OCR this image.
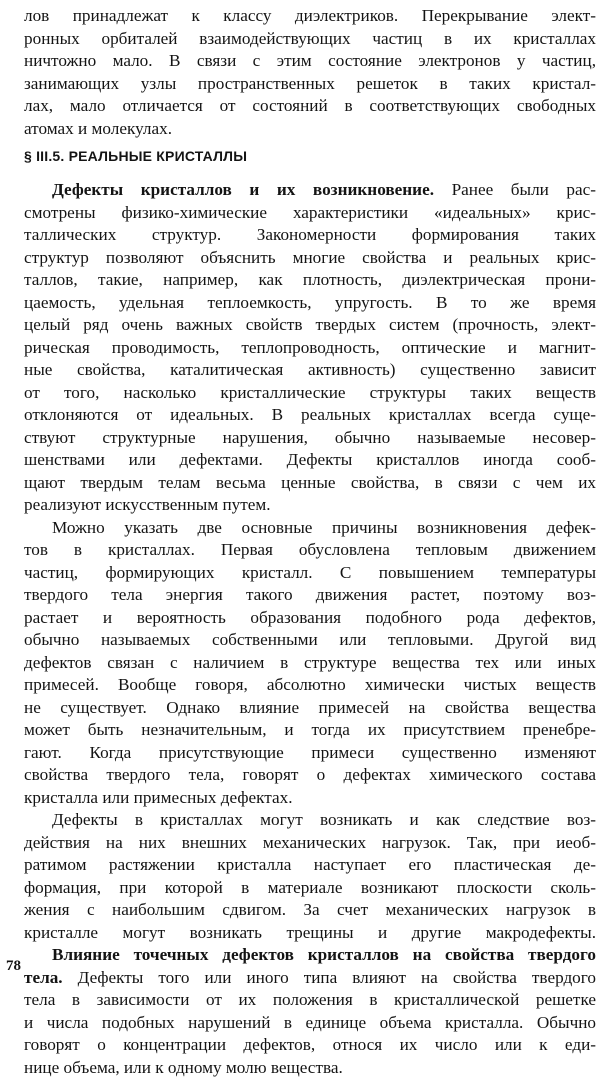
лов принадлежат к классу диэлектриков. Перекрывание элект-
ронных орбиталей взаимодействующих частиц в их кристаллах
ничтожно мало. В связи с этим состояние электронов у частиц,
занимающих узлы пространственных решеток в таких кристал-
лах, мало отличается от состояний в соответствующих свободных
атомах и молекулах.
§ III.5. РЕАЛЬНЫЕ КРИСТАЛЛЫ
Дефекты кристаллов и их возникновение. Ранее были рас-
смотрены физико-химические характеристики «идеальных» крис-
таллических структур. Закономерности формирования таких
структур позволяют объяснить многие свойства и реальных крис-
таллов, такие, например, как плотность, диэлектрическая прони-
цаемость, удельная теплоемкость, упругость. В то же время
целый ряд очень важных свойств твердых систем (прочность, элект-
рическая проводимость, теплопроводность, оптические и магнит-
ные свойства, каталитическая активность) существенно зависит
от того, насколько кристаллические структуры таких веществ
отклоняются от идеальных. В реальных кристаллах всегда суще-
ствуют структурные нарушения, обычно называемые несовер-
шенствами или дефектами. Дефекты кристаллов иногда сооб-
щают твердым телам весьма ценные свойства, в связи с чем их
реализуют искусственным путем.
Можно указать две основные причины возникновения дефек-
тов в кристаллах. Первая обусловлена тепловым движением
частиц, формирующих кристалл. С повышением температуры
твердого тела энергия такого движения растет, поэтому воз-
растает и вероятность образования подобного рода дефектов,
обычно называемых собственными или тепловыми. Другой вид
дефектов связан с наличием в структуре вещества тех или иных
примесей. Вообще говоря, абсолютно химически чистых веществ
не существует. Однако влияние примесей на свойства вещества
может быть незначительным, и тогда их присутствием пренебре-
гают. Когда присутствующие примеси существенно изменяют
свойства твердого тела, говорят о дефектах химического состава
кристалла или примесных дефектах.
Дефекты в кристаллах могут возникать и как следствие воз-
действия на них внешних механических нагрузок. Так, при иеоб-
ратимом растяжении кристалла наступает его пластическая де-
формация, при которой в материале возникают плоскости сколь-
жения с наибольшим сдвигом. За счет механических нагрузок в
кристалле могут возникать трещины и другие макродефекты.
Влияние точечных дефектов кристаллов на свойства твердого
тела. Дефекты того или иного типа влияют на свойства твердого
тела в зависимости от их положения в кристаллической решетке
и числа подобных нарушений в единице объема кристалла. Обычно
говорят о концентрации дефектов, относя их число или к еди-
нице объема, или к одному молю вещества.
78
